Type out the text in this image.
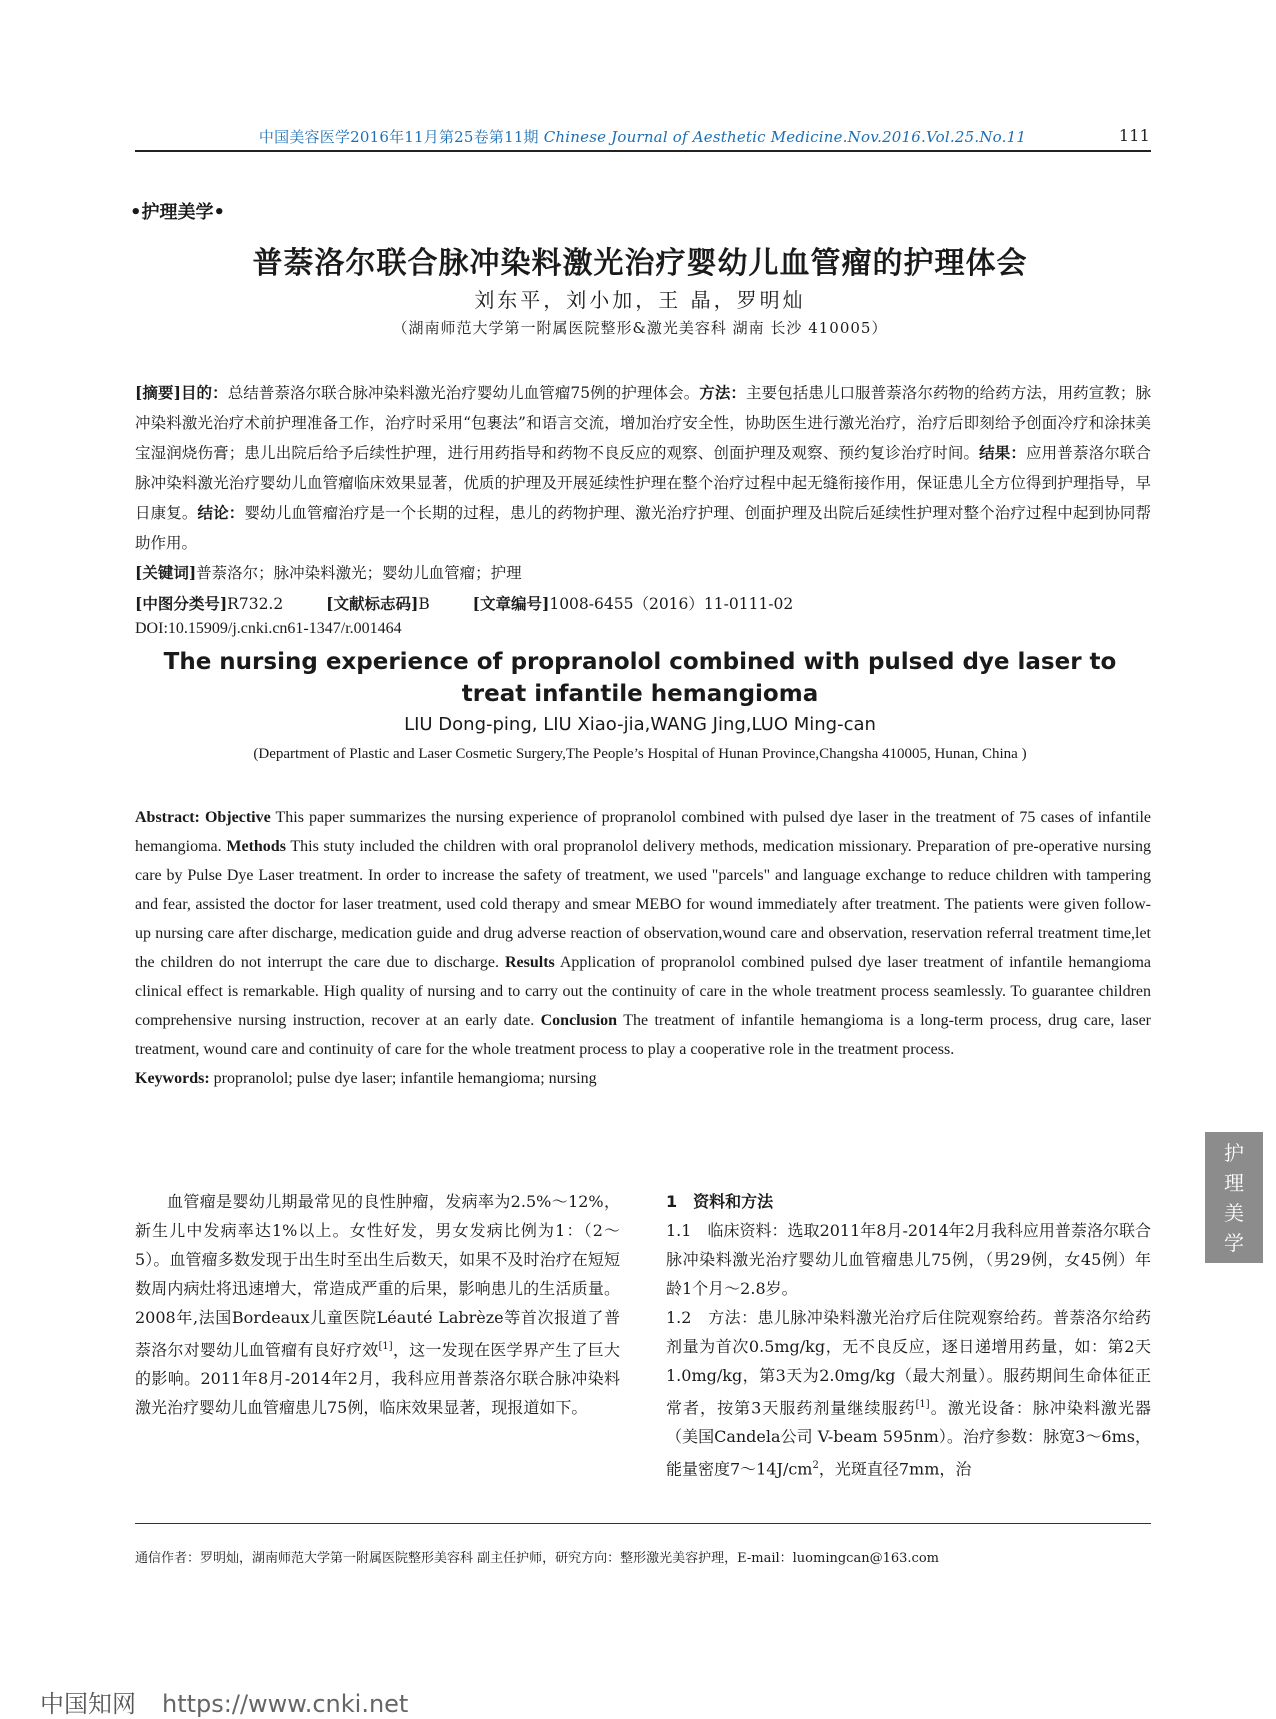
中国美容医学2016年11月第25卷第11期 Chinese Journal of Aesthetic Medicine.Nov.2016.Vol.25.No.11	111
•护理美学•
普萘洛尔联合脉冲染料激光治疗婴幼儿血管瘤的护理体会
刘东平，刘小加，王 晶，罗明灿
（湖南师范大学第一附属医院整形&激光美容科 湖南 长沙 410005）
[摘要]目的：总结普萘洛尔联合脉冲染料激光治疗婴幼儿血管瘤75例的护理体会。方法：主要包括患儿口服普萘洛尔药物的给药方法，用药宣教；脉冲染料激光治疗术前护理准备工作，治疗时采用“包裹法”和语言交流，增加治疗安全性，协助医生进行激光治疗，治疗后即刻给予创面冷疗和涂抹美宝湿润烧伤膏；患儿出院后给予后续性护理，进行用药指导和药物不良反应的观察、创面护理及观察、预约复诊治疗时间。结果：应用普萘洛尔联合脉冲染料激光治疗婴幼儿血管瘤临床效果显著，优质的护理及开展延续性护理在整个治疗过程中起无缝衔接作用，保证患儿全方位得到护理指导，早日康复。结论：婴幼儿血管瘤治疗是一个长期的过程，患儿的药物护理、激光治疗护理、创面护理及出院后延续性护理对整个治疗过程中起到协同帮助作用。
[关键词]普萘洛尔；脉冲染料激光；婴幼儿血管瘤；护理
[中图分类号]R732.2	[文献标志码]B	[文章编号]1008-6455（2016）11-0111-02
DOI:10.15909/j.cnki.cn61-1347/r.001464
The nursing experience of propranolol combined with pulsed dye laser to treat infantile hemangioma
LIU Dong-ping, LIU Xiao-jia,WANG Jing,LUO Ming-can
(Department of Plastic and Laser Cosmetic Surgery,The People’s Hospital of Hunan Province,Changsha 410005, Hunan, China )
Abstract: Objective This paper summarizes the nursing experience of propranolol combined with pulsed dye laser in the treatment of 75 cases of infantile hemangioma. Methods This stuty included the children with oral propranolol delivery methods, medication missionary. Preparation of pre-operative nursing care by Pulse Dye Laser treatment. In order to increase the safety of treatment, we used "parcels" and language exchange to reduce children with tampering and fear, assisted the doctor for laser treatment, used cold therapy and smear MEBO for wound immediately after treatment. The patients were given follow-up nursing care after discharge, medication guide and drug adverse reaction of observation,wound care and observation, reservation referral treatment time,let the children do not interrupt the care due to discharge. Results Application of propranolol combined pulsed dye laser treatment of infantile hemangioma clinical effect is remarkable. High quality of nursing and to carry out the continuity of care in the whole treatment process seamlessly. To guarantee children comprehensive nursing instruction, recover at an early date. Conclusion The treatment of infantile hemangioma is a long-term process, drug care, laser treatment, wound care and continuity of care for the whole treatment process to play a cooperative role in the treatment process.
Keywords: propranolol; pulse dye laser; infantile hemangioma; nursing
护理美学

血管瘤是婴幼儿期最常见的良性肿瘤，发病率为2.5%～12%，新生儿中发病率达1%以上。女性好发，男女发病比例为1：（2～5）。血管瘤多数发现于出生时至出生后数天，如果不及时治疗在短短数周内病灶将迅速增大，常造成严重的后果，影响患儿的生活质量。2008年,法国Bordeaux儿童医院Léauté Labrèze等首次报道了普萘洛尔对婴幼儿血管瘤有良好疗效[1]，这一发现在医学界产生了巨大的影响。2011年8月-2014年2月，我科应用普萘洛尔联合脉冲染料激光治疗婴幼儿血管瘤患儿75例，临床效果显著，现报道如下。

1　资料和方法

1.1　临床资料：选取2011年8月-2014年2月我科应用普萘洛尔联合脉冲染料激光治疗婴幼儿血管瘤患儿75例，（男29例，女45例）年龄1个月～2.8岁。

1.2　方法：患儿脉冲染料激光治疗后住院观察给药。普萘洛尔给药剂量为首次0.5mg/kg，无不良反应，逐日递增用药量，如：第2天1.0mg/kg，第3天为2.0mg/kg（最大剂量）。服药期间生命体征正常者，按第3天服药剂量继续服药[1]。激光设备：脉冲染料激光器（美国Candela公司 V-beam 595nm）。治疗参数：脉宽3～6ms，能量密度$7\sim 14J/cm^2$，光斑直径7mm，治

通信作者：罗明灿，湖南师范大学第一附属医院整形美容科 副主任护师，研究方向：整形激光美容护理，E-mail：luomingcan@163.com
中国知网 https://www.cnki.net
